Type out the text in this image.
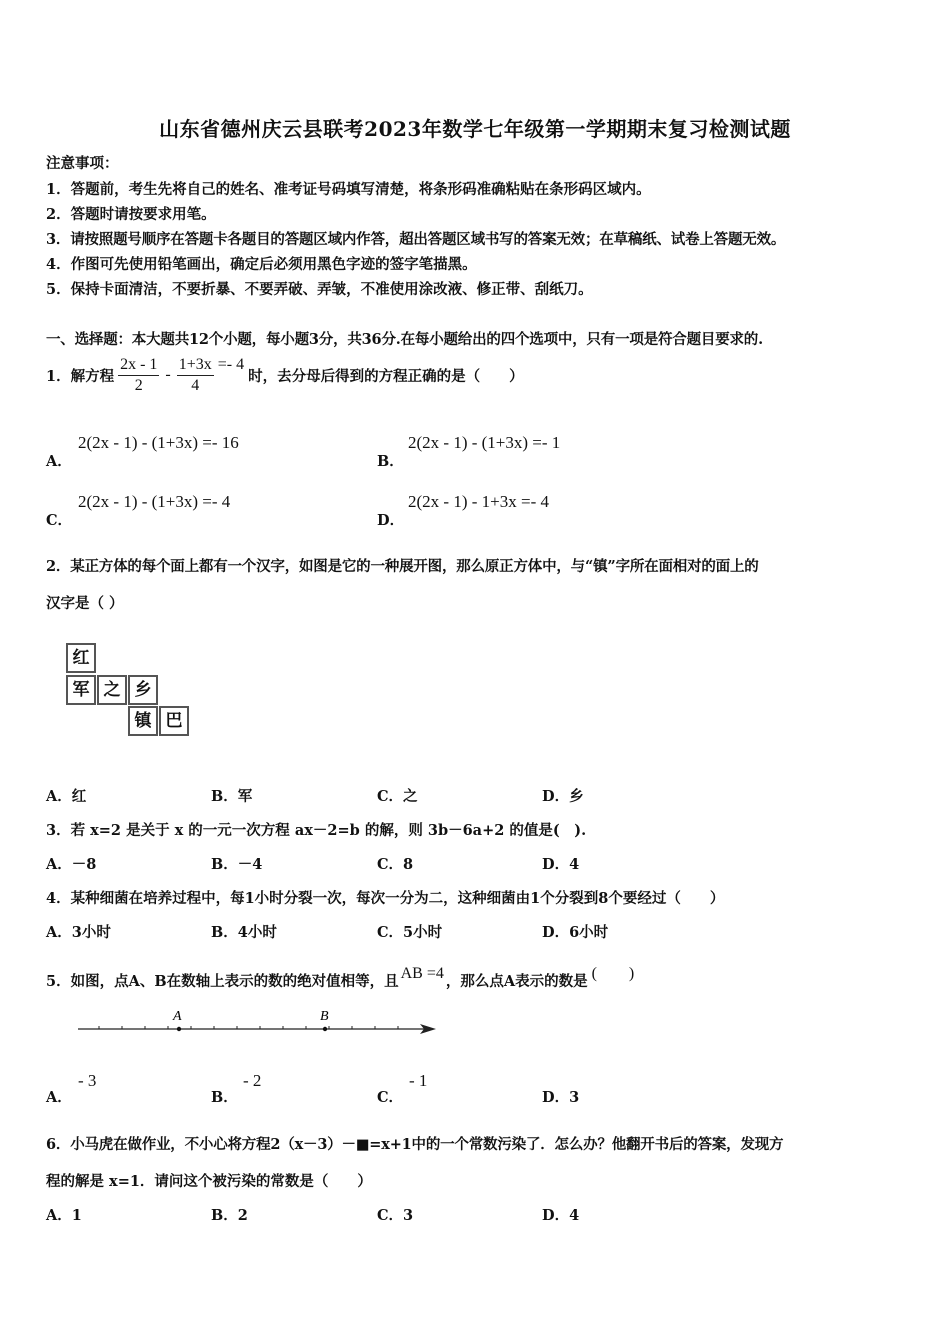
山东省德州庆云县联考2023年数学七年级第一学期期末复习检测试题
注意事项：
1．答题前，考生先将自己的姓名、准考证号码填写清楚，将条形码准确粘贴在条形码区域内。
2．答题时请按要求用笔。
3．请按照题号顺序在答题卡各题目的答题区域内作答，超出答题区域书写的答案无效；在草稿纸、试卷上答题无效。
4．作图可先使用铅笔画出，确定后必须用黑色字迹的签字笔描黑。
5．保持卡面清洁，不要折暴、不要弄破、弄皱，不准使用涂改液、修正带、刮纸刀。
一、选择题：本大题共12个小题，每小题3分，共36分.在每小题给出的四个选项中，只有一项是符合题目要求的.
1．解方程 $\frac{2x - 1}{2} - \frac{1+3x}{4} =- 4$
时，去分母后得到的方程正确的是（　　）
A．
2(2x - 1) - (1+3x) =- 16
B．
2(2x - 1) - (1+3x) =- 1
C．
2(2x - 1) - (1+3x) =- 4
D．
2(2x - 1) - 1+3x =- 4
2．某正方体的每个面上都有一个汉字，如图是它的一种展开图，那么原正方体中，与“镇”字所在面相对的面上的
汉字是（ ）
红
军 之 乡
镇 巴
A．红	B．军	C．之	D．乡
3．若 x=2 是关于 x 的一元一次方程 ax－2=b 的解，则 3b－6a+2 的值是(　).
A．－8	B．－4	C．8	D．4
4．某种细菌在培养过程中，每1小时分裂一次，每次一分为二，这种细菌由1个分裂到8个要经过（　　）
A．3小时	B．4小时	C．5小时	D．6小时
5．如图，点A、B在数轴上表示的数的绝对值相等，且 AB =4 ，那么点A表示的数是 (　　)
A	B
A．
- 3
B．
- 2
C．
- 1
D．3
6．小马虎在做作业，不小心将方程2（x－3）－■=x+1中的一个常数污染了．怎么办？他翻开书后的答案，发现方
程的解是 x=1．请问这个被污染的常数是（　　）
A．1	B．2	C．3	D．4
